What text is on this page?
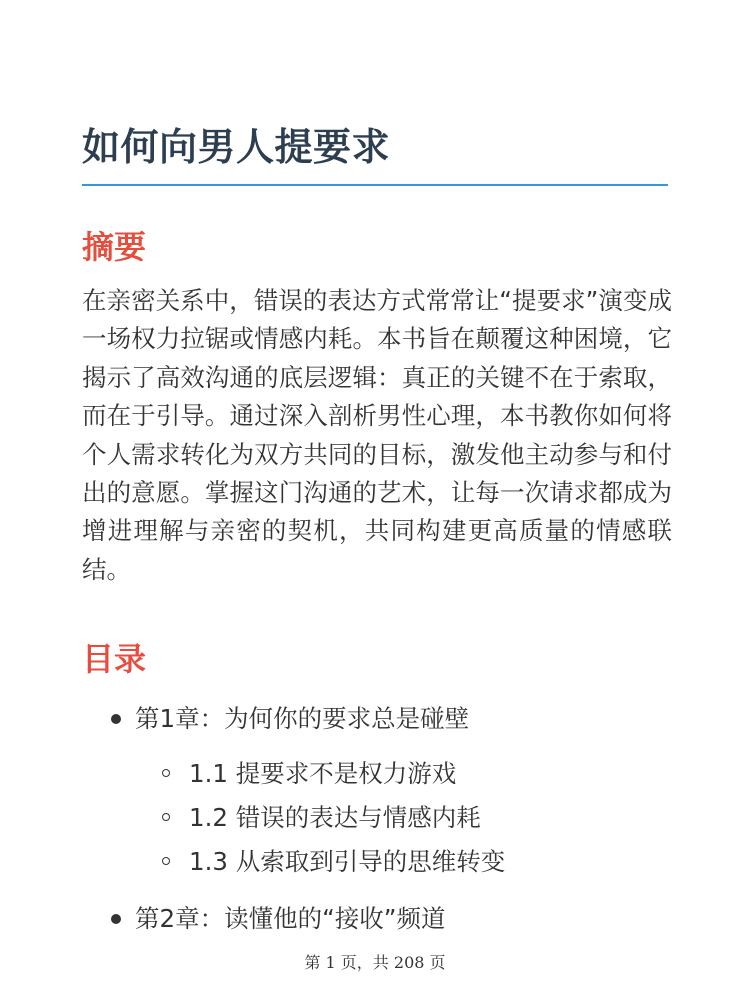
如何向男人提要求
摘要

在亲密关系中，错误的表达方式常常让“提要求”演变成一场权力拉锯或情感内耗。本书旨在颠覆这种困境，它揭示了高效沟通的底层逻辑：真正的关键不在于索取，而在于引导。通过深入剖析男性心理，本书教你如何将个人需求转化为双方共同的目标，激发他主动参与和付出的意愿。掌握这门沟通的艺术，让每一次请求都成为增进理解与亲密的契机，共同构建更高质量的情感联结。

目录
第1章：为何你的要求总是碰壁
1.1 提要求不是权力游戏
1.2 错误的表达与情感内耗
1.3 从索取到引导的思维转变
第2章：读懂他的“接收”频道
第 1 页，共 208 页
